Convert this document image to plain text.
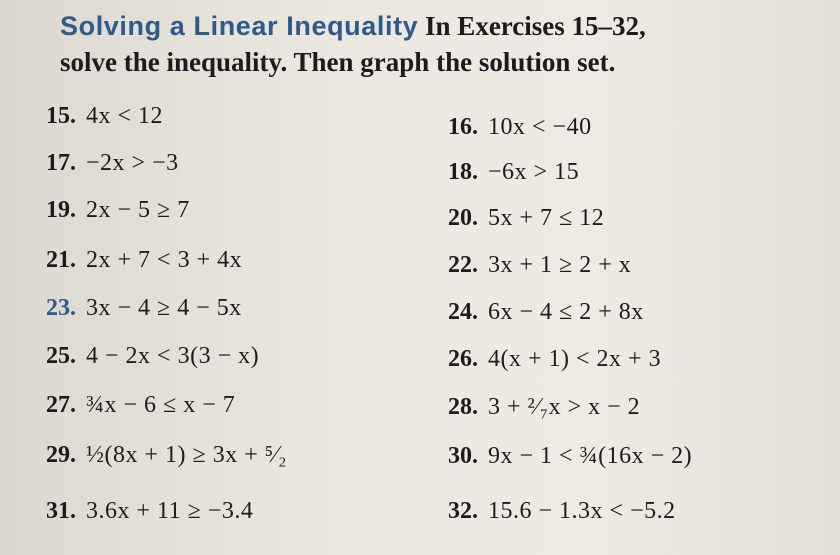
Solving a Linear Inequality In Exercises 15–32,
solve the inequality. Then graph the solution set.
15. 4x < 12	16. 10x < −40
17. −2x > −3	18. −6x > 15
19. 2x − 5 ≥ 7	20. 5x + 7 ≤ 12
21. 2x + 7 < 3 + 4x	22. 3x + 1 ≥ 2 + x
23. 3x − 4 ≥ 4 − 5x	24. 6x − 4 ≤ 2 + 8x
25. 4 − 2x < 3(3 − x)	26. 4(x + 1) < 2x + 3
27. ¾x − 6 ≤ x − 7	28. 3 + ²⁄₇x > x − 2
29. ½(8x + 1) ≥ 3x + ⁵⁄₂	30. 9x − 1 < ¾(16x − 2)
31. 3.6x + 11 ≥ −3.4	32. 15.6 − 1.3x < −5.2
